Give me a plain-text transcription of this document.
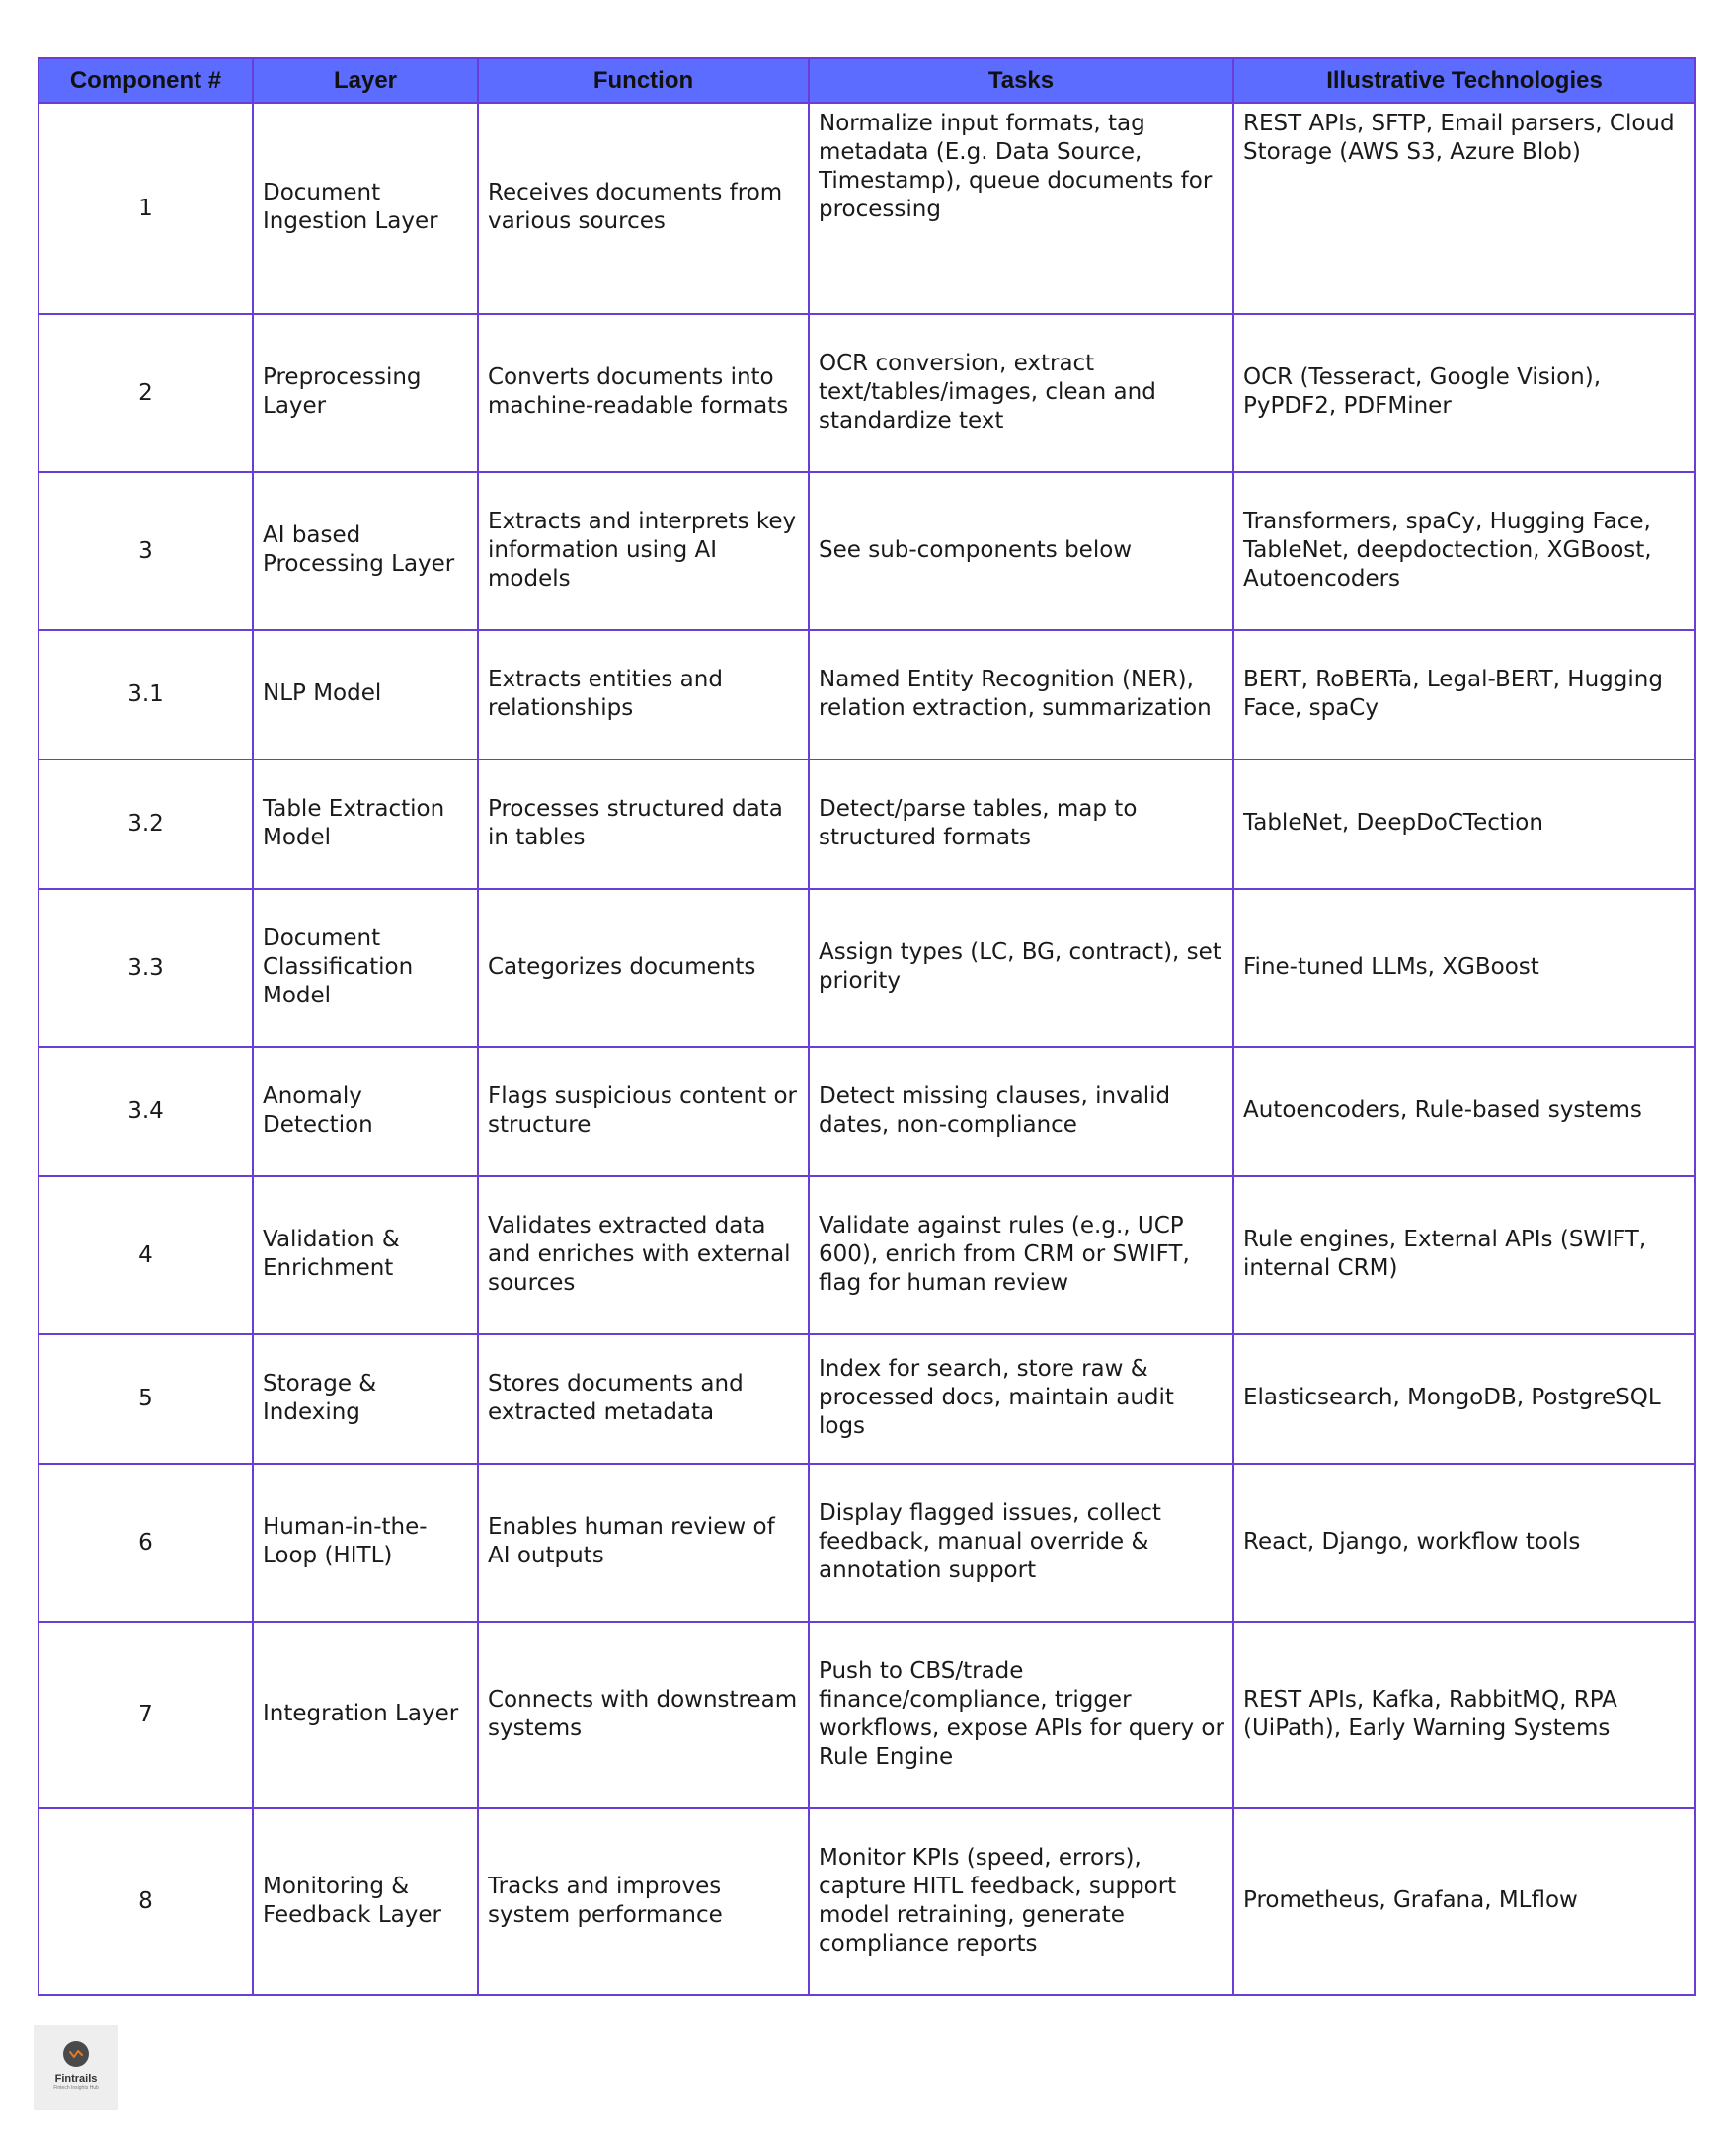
Component #	Layer	Function	Tasks	Illustrative Technologies
1	Document Ingestion Layer	Receives documents from various sources	Normalize input formats, tag metadata (E.g. Data Source, Timestamp), queue documents for processing	REST APIs, SFTP, Email parsers, Cloud Storage (AWS S3, Azure Blob)
2	Preprocessing Layer	Converts documents into machine-readable formats	OCR conversion, extract text/tables/images, clean and standardize text	OCR (Tesseract, Google Vision), PyPDF2, PDFMiner
3	AI based Processing Layer	Extracts and interprets key information using AI models	See sub-components below	Transformers, spaCy, Hugging Face, TableNet, deepdoctection, XGBoost, Autoencoders
3.1	NLP Model	Extracts entities and relationships	Named Entity Recognition (NER), relation extraction, summarization	BERT, RoBERTa, Legal-BERT, Hugging Face, spaCy
3.2	Table Extraction Model	Processes structured data in tables	Detect/parse tables, map to structured formats	TableNet, DeepDoCTection
3.3	Document Classification Model	Categorizes documents	Assign types (LC, BG, contract), set priority	Fine-tuned LLMs, XGBoost
3.4	Anomaly Detection	Flags suspicious content or structure	Detect missing clauses, invalid dates, non-compliance	Autoencoders, Rule-based systems
4	Validation & Enrichment	Validates extracted data and enriches with external sources	Validate against rules (e.g., UCP 600), enrich from CRM or SWIFT, flag for human review	Rule engines, External APIs (SWIFT, internal CRM)
5	Storage & Indexing	Stores documents and extracted metadata	Index for search, store raw & processed docs, maintain audit logs	Elasticsearch, MongoDB, PostgreSQL
6	Human-in-the-Loop (HITL)	Enables human review of AI outputs	Display flagged issues, collect feedback, manual override & annotation support	React, Django, workflow tools
7	Integration Layer	Connects with downstream systems	Push to CBS/trade finance/compliance, trigger workflows, expose APIs for query or Rule Engine	REST APIs, Kafka, RabbitMQ, RPA (UiPath), Early Warning Systems
8	Monitoring & Feedback Layer	Tracks and improves system performance	Monitor KPIs (speed, errors), capture HITL feedback, support model retraining, generate compliance reports	Prometheus, Grafana, MLflow
Fintrails
Fintech Insights Hub
